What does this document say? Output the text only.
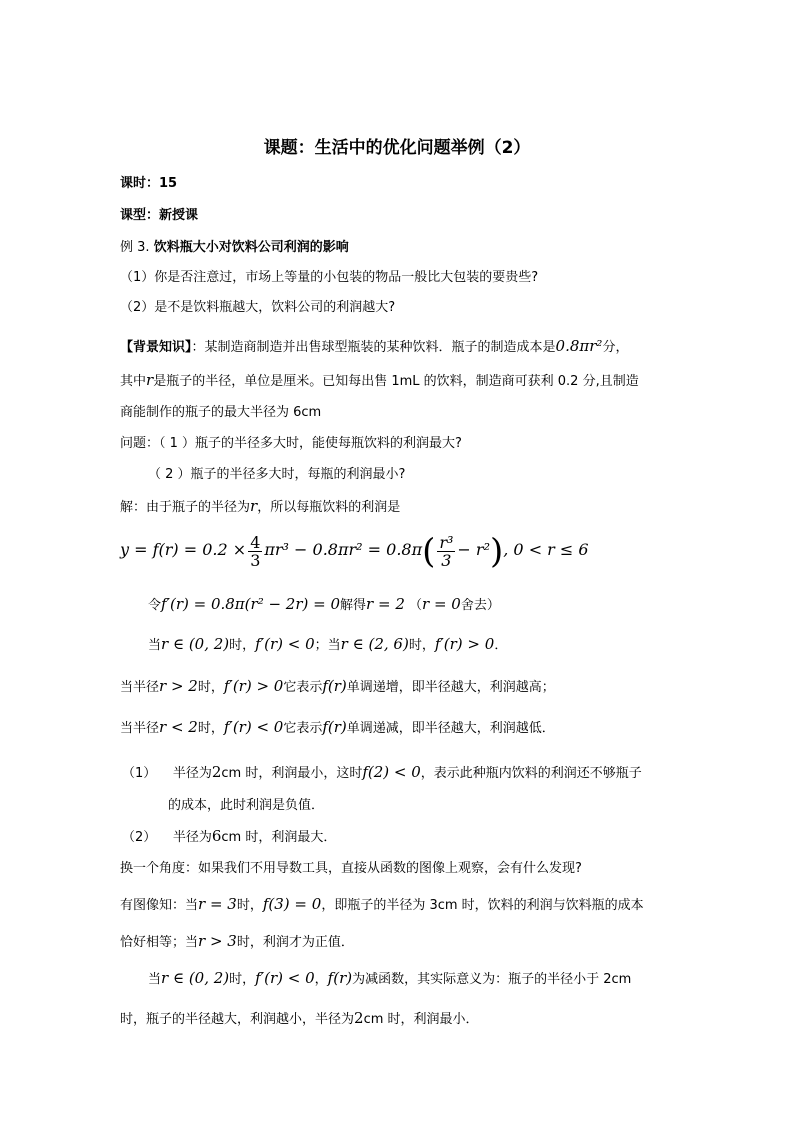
课题：生活中的优化问题举例（2）
课时：15
课型：新授课
例 3. 饮料瓶大小对饮料公司利润的影响
（1）你是否注意过，市场上等量的小包装的物品一般比大包装的要贵些?
（2）是不是饮料瓶越大，饮料公司的利润越大?
【背景知识】：某制造商制造并出售球型瓶装的某种饮料．瓶子的制造成本是0.8πr²分，
其中r是瓶子的半径，单位是厘米。已知每出售 1mL 的饮料，制造商可获利 0.2 分,且制造
商能制作的瓶子的最大半径为 6cm
问题：（ 1 ）瓶子的半径多大时，能使每瓶饮料的利润最大?
（ 2 ）瓶子的半径多大时，每瓶的利润最小?
解：由于瓶子的半径为r，所以每瓶饮料的利润是
$y = f(r) = 0.2 \times \frac{4}{3} \pi r^3 - 0.8\pi r^2 = 0.8\pi( \frac{\text{r³}}{3} - r^2)$, 0 < r ≤ 6
令f′(r) = 0.8π(r² − 2r) = 0解得r = 2 （r = 0舍去）
当r ∈ (0, 2)时，f′(r) < 0；当r ∈ (2, 6)时，f′(r) > 0．
当半径r > 2时，f′(r) > 0它表示f(r)单调递增，即半径越大，利润越高；
当半径r < 2时，f′(r) < 0它表示f(r)单调递减，即半径越大，利润越低．
（1） 半径为2cm 时，利润最小，这时f(2) < 0，表示此种瓶内饮料的利润还不够瓶子
的成本，此时利润是负值．
（2） 半径为6cm 时，利润最大．
换一个角度：如果我们不用导数工具，直接从函数的图像上观察，会有什么发现?
有图像知：当r = 3时，f(3) = 0，即瓶子的半径为 3cm 时，饮料的利润与饮料瓶的成本
恰好相等；当r > 3时，利润才为正值．
当r ∈ (0, 2)时，f′(r) < 0，f(r)为减函数，其实际意义为：瓶子的半径小于 2cm
时，瓶子的半径越大，利润越小，半径为2cm 时，利润最小．
